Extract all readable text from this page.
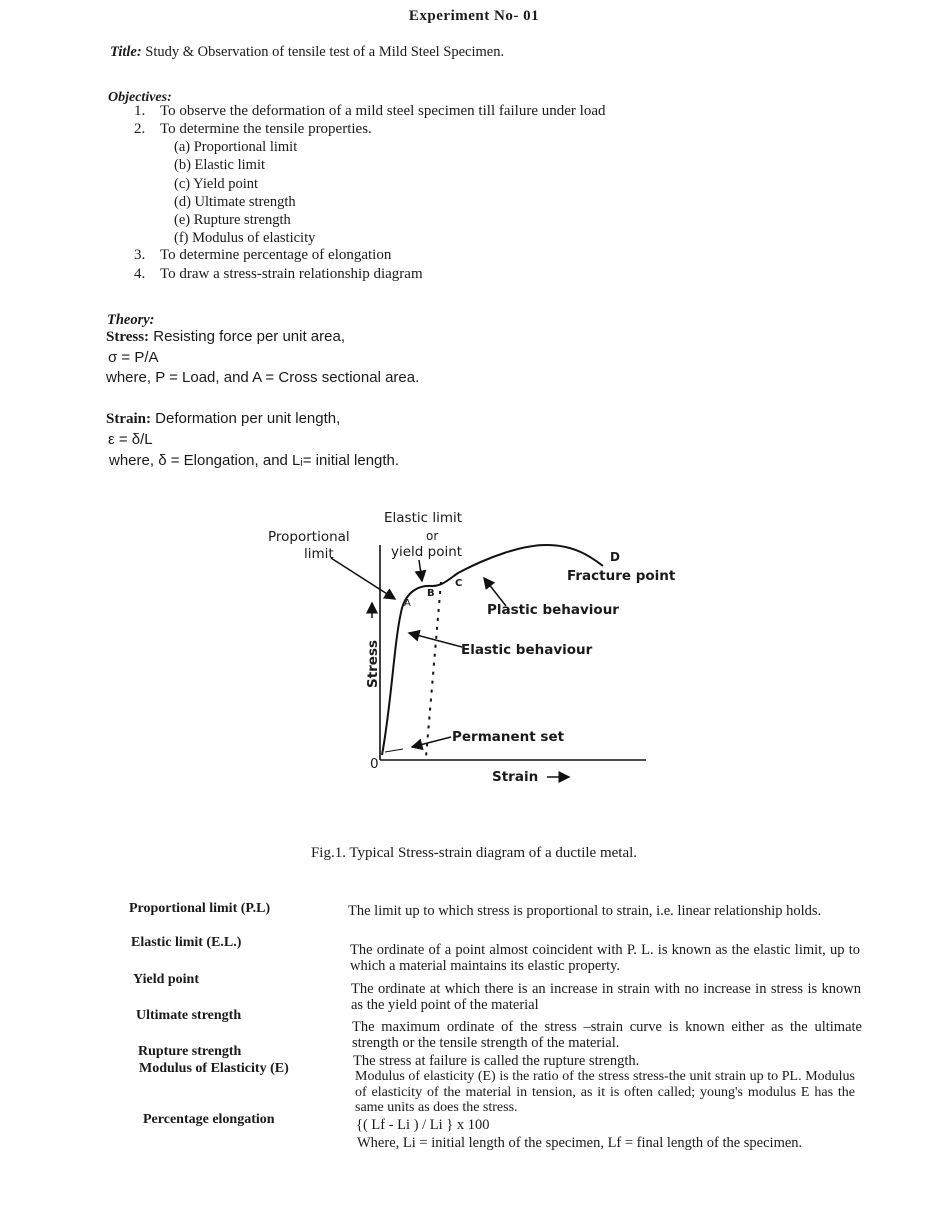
Experiment No- 01
Title: Study & Observation of tensile test of a Mild Steel Specimen.
Objectives:
1. To observe the deformation of a mild steel specimen till failure under load
2. To determine the tensile properties.
(a) Proportional limit
(b) Elastic limit
(c) Yield point
(d) Ultimate strength
(e) Rupture strength
(f) Modulus of elasticity
3. To determine percentage of elongation
4. To draw a stress-strain relationship diagram
Theory:
Stress: Resisting force per unit area,
σ = P/A
where, P = Load, and A = Cross sectional area.
Strain: Deformation per unit length,
ε = δ/L
where, δ = Elongation, and Lᵢ= initial length.
Elastic limit
or
yield point
Proportional
limit	D
Fracture point
C
B
A	Plastic behaviour
Elastic behaviour
Permanent set
Strain
0
Stress
Fig.1. Typical Stress-strain diagram of a ductile metal.
Proportional limit (P.L)
Elastic limit (E.L.)
Yield point
Ultimate strength
Rupture strength
Modulus of Elasticity (E)
Percentage elongation
The limit up to which stress is proportional to strain, i.e. linear relationship holds.
The ordinate of a point almost coincident with P. L. is known as the elastic limit, up to which a material maintains its elastic property.
The ordinate at which there is an increase in strain with no increase in stress is known as the yield point of the material
The maximum ordinate of the stress –strain curve is known either as the ultimate strength or the tensile strength of the material.
The stress at failure is called the rupture strength.
Modulus of elasticity (E) is the ratio of the stress stress-the unit strain up to PL. Modulus of elasticity of the material in tension, as it is often called; young's modulus E has the same units as does the stress.
{( Lf - Li ) / Li } x 100
Where, Li = initial length of the specimen, Lf = final length of the specimen.
